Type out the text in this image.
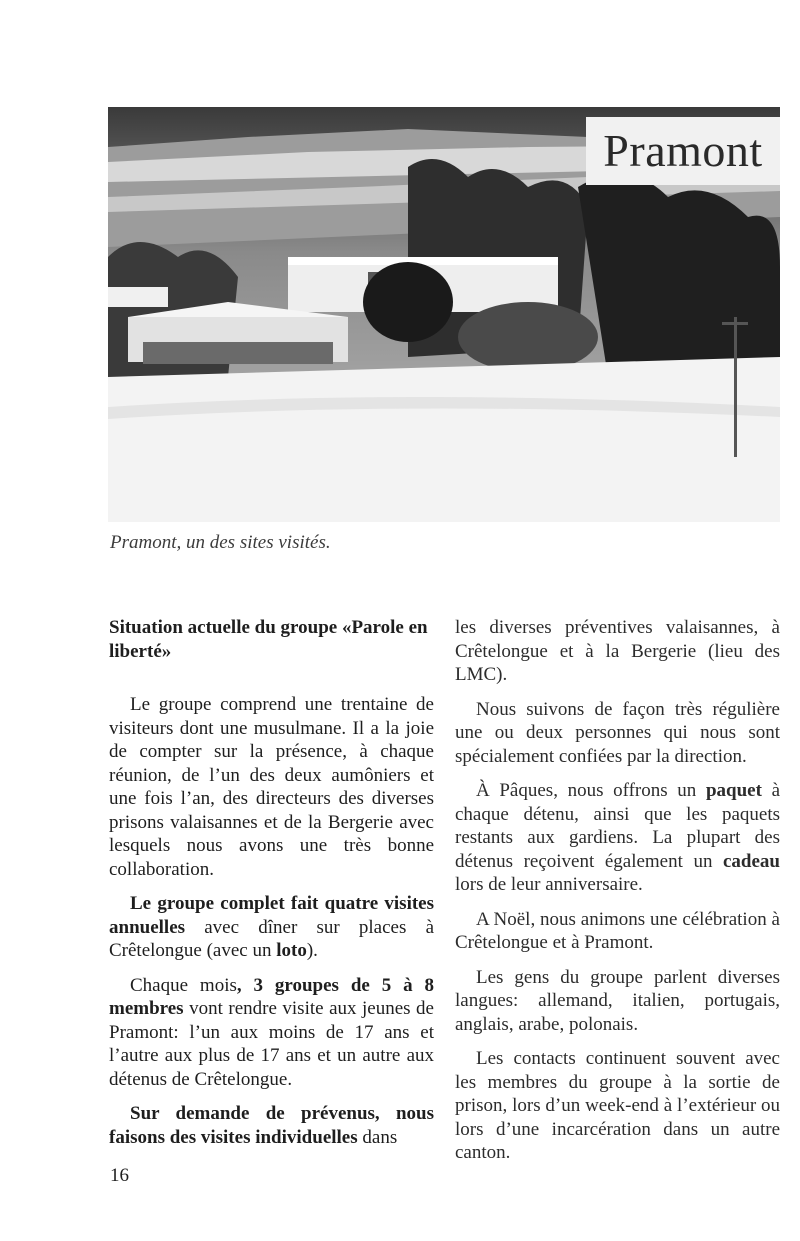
Pramont

Pramont, un des sites visités.

Situation actuelle du groupe «Parole en liberté»

Le groupe comprend une trentaine de visiteurs dont une musulmane. Il a la joie de compter sur la présence, à chaque réunion, de l’un des deux aumôniers et une fois l’an, des directeurs des diverses prisons valaisannes et de la Bergerie avec lesquels nous avons une très bonne collaboration.

Le groupe complet fait quatre visites annuelles avec dîner sur places à Crêtelongue (avec un loto).

Chaque mois, 3 groupes de 5 à 8 membres vont rendre visite aux jeunes de Pramont: l’un aux moins de 17 ans et l’autre aux plus de 17 ans et un autre aux détenus de Crêtelongue.

Sur demande de prévenus, nous faisons des visites individuelles dans

les diverses préventives valaisannes, à Crêtelongue et à la Bergerie (lieu des LMC).

Nous suivons de façon très régulière une ou deux personnes qui nous sont spécialement confiées par la direction.

À Pâques, nous offrons un paquet à chaque détenu, ainsi que les paquets restants aux gardiens. La plupart des détenus reçoivent également un cadeau lors de leur anniversaire.

A Noël, nous animons une célébration à Crêtelongue et à Pramont.

Les gens du groupe parlent diverses langues: allemand, italien, portugais, anglais, arabe, polonais.

Les contacts continuent souvent avec les membres du groupe à la sortie de prison, lors d’un week-end à l’extérieur ou lors d’une incarcération dans un autre canton.

16
